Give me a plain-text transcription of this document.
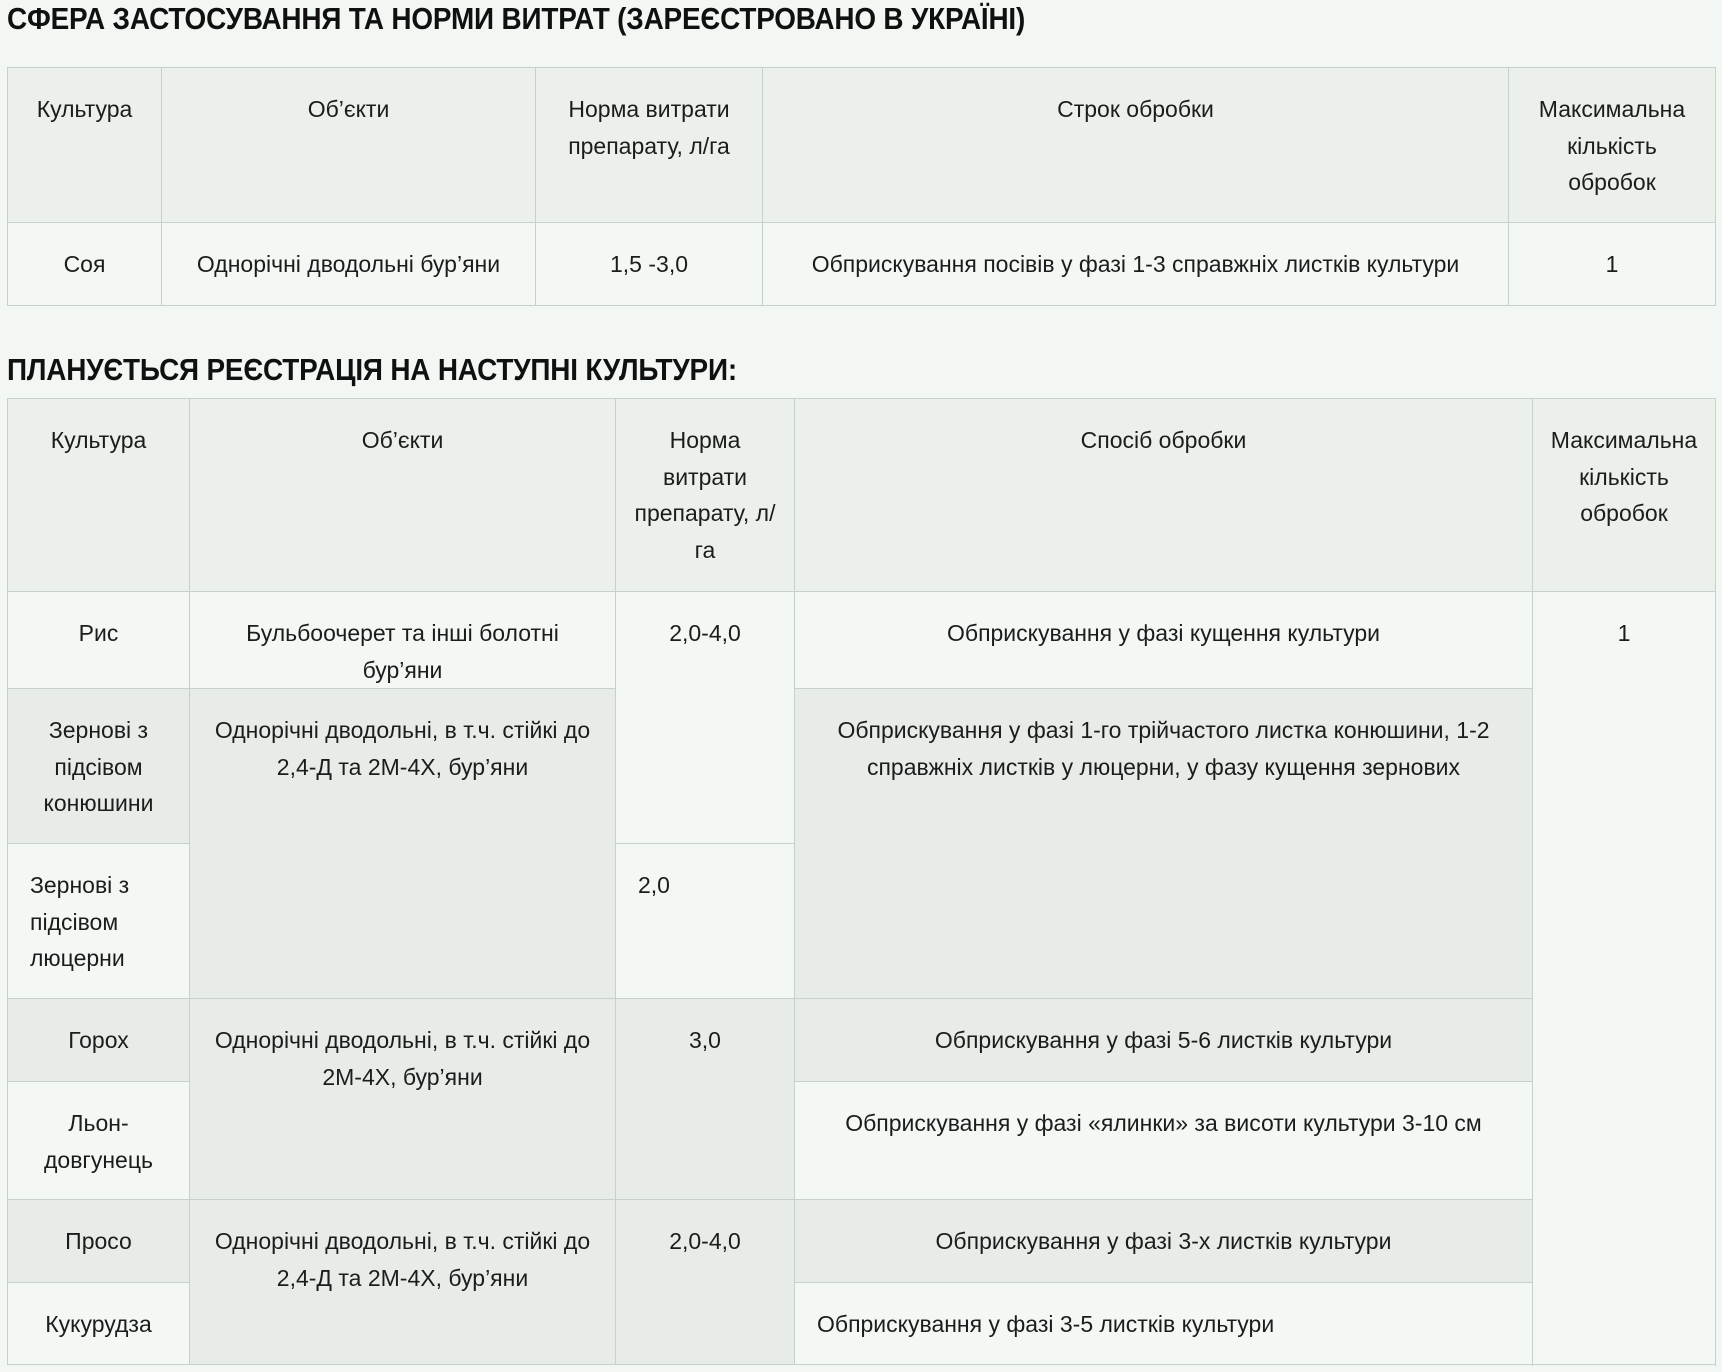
СФЕРА ЗАСТОСУВАННЯ ТА НОРМИ ВИТРАТ (ЗАРЕЄСТРОВАНО В УКРАЇНІ)
Культура	Об’єкти	Норма витрати препарату, л/га	Строк обробки	Максимальна кількість обробок
Соя	Однорічні дводольні бур’яни	1,5 -3,0	Обприскування посівів у фазі 1-3 справжніх листків культури	1
ПЛАНУЄТЬСЯ РЕЄСТРАЦІЯ НА НАСТУПНІ КУЛЬТУРИ:
Культура	Об’єкти	Норма витрати препарату, л/га	Спосіб обробки	Максимальна кількість обробок
Рис	Бульбоочерет та інші болотні бур’яни	2,0-4,0	Обприскування у фазі кущення культури	1
Зернові з підсівом конюшини	Однорічні дводольні, в т.ч. стійкі до 2,4-Д та 2М-4Х, бур’яни		Обприскування у фазі 1-го трійчастого листка конюшини, 1-2 справжніх листків у люцерни, у фазу кущення зернових	
Зернові з підсівом люцерни		2,0		
Горох	Однорічні дводольні, в т.ч. стійкі до 2М-4Х, бур’яни	3,0	Обприскування у фазі 5-6 листків культури	
Льон-довгунець			Обприскування у фазі «ялинки» за висоти культури 3-10 см	
Просо	Однорічні дводольні, в т.ч. стійкі до 2,4-Д та 2М-4Х, бур’яни	2,0-4,0	Обприскування у фазі 3-х листків культури	
Кукурудза			Обприскування у фазі 3-5 листків культури	
